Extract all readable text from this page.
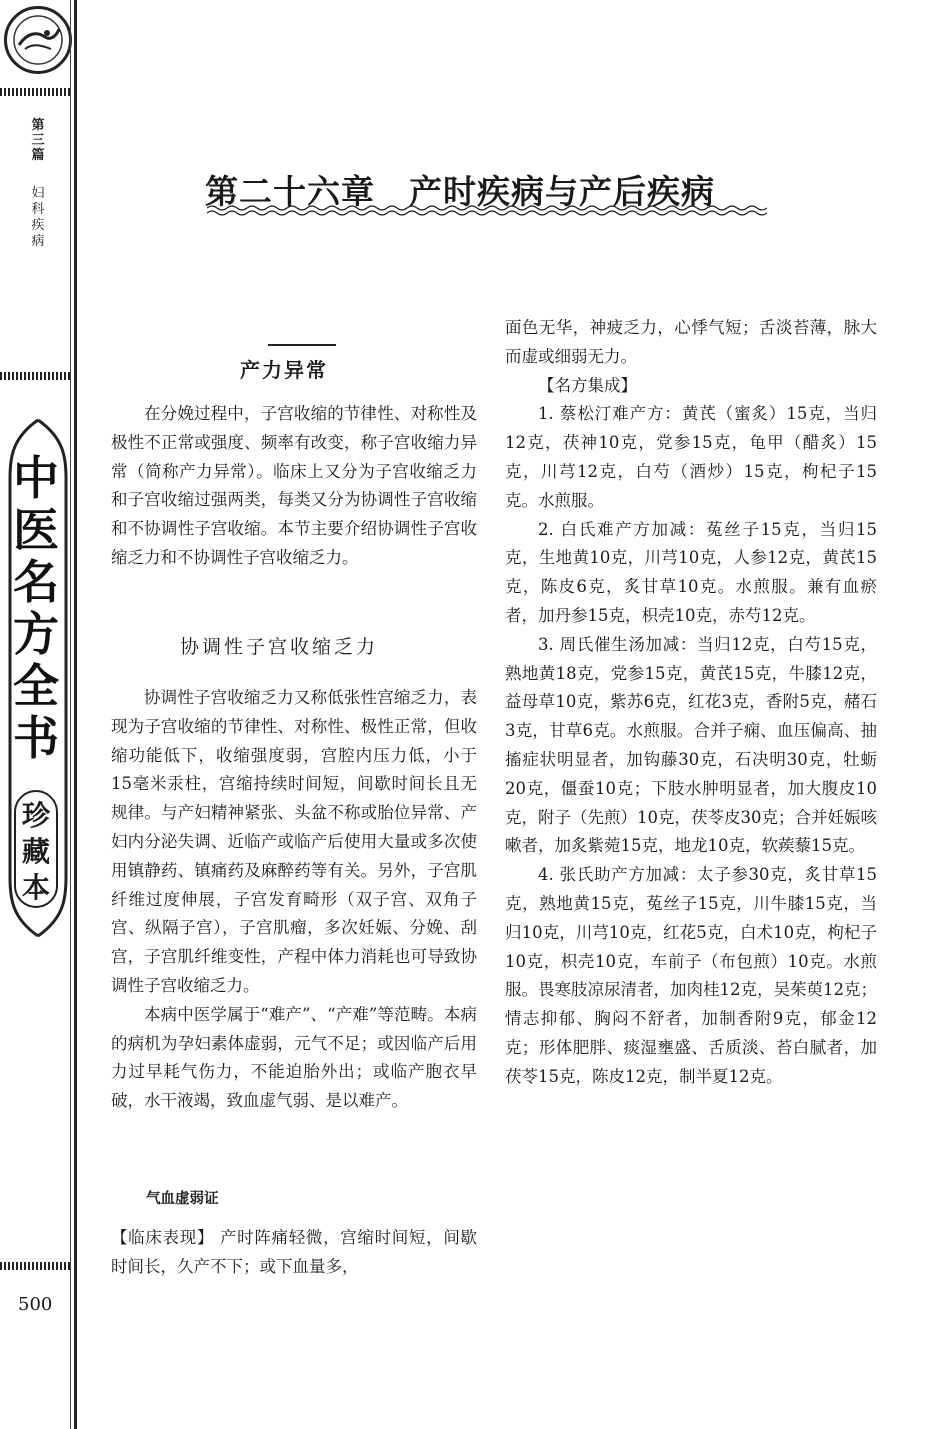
第三篇
妇科疾病
中医名方全书
珍藏本
500
第二十六章　产时疾病与产后疾病
产力异常

在分娩过程中，子宫收缩的节律性、对称性及极性不正常或强度、频率有改变，称子宫收缩力异常（简称产力异常）。临床上又分为子宫收缩乏力和子宫收缩过强两类，每类又分为协调性子宫收缩和不协调性子宫收缩。本节主要介绍协调性子宫收缩乏力和不协调性子宫收缩乏力。

协调性子宫收缩乏力

协调性子宫收缩乏力又称低张性宫缩乏力，表现为子宫收缩的节律性、对称性、极性正常，但收缩功能低下，收缩强度弱，宫腔内压力低，小于15毫米汞柱，宫缩持续时间短，间歇时间长且无规律。与产妇精神紧张、头盆不称或胎位异常、产妇内分泌失调、近临产或临产后使用大量或多次使用镇静药、镇痛药及麻醉药等有关。另外，子宫肌纤维过度伸展，子宫发育畸形（双子宫、双角子宫、纵隔子宫），子宫肌瘤，多次妊娠、分娩、刮宫，子宫肌纤维变性，产程中体力消耗也可导致协调性子宫收缩乏力。

本病中医学属于“难产”、“产难”等范畴。本病的病机为孕妇素体虚弱，元气不足；或因临产后用力过早耗气伤力，不能迫胎外出；或临产胞衣早破，水干液竭，致血虚气弱、是以难产。

气血虚弱证

【临床表现】 产时阵痛轻微，宫缩时间短，间歇时间长，久产不下；或下血量多，

面色无华，神疲乏力，心悸气短；舌淡苔薄，脉大而虚或细弱无力。

【名方集成】

1. 蔡松汀难产方：黄芪（蜜炙）15克，当归12克，茯神10克，党参15克，龟甲（醋炙）15克，川芎12克，白芍（酒炒）15克，枸杞子15克。水煎服。

2. 白氏难产方加减：菟丝子15克，当归15克，生地黄10克，川芎10克，人参12克，黄芪15克，陈皮6克，炙甘草10克。水煎服。兼有血瘀者，加丹参15克，枳壳10克，赤芍12克。

3. 周氏催生汤加减：当归12克，白芍15克，熟地黄18克，党参15克，黄芪15克，牛膝12克，益母草10克，紫苏6克，红花3克，香附5克，赭石3克，甘草6克。水煎服。合并子痫、血压偏高、抽搐症状明显者，加钩藤30克，石决明30克，牡蛎20克，僵蚕10克；下肢水肿明显者，加大腹皮10克，附子（先煎）10克，茯苓皮30克；合并妊娠咳嗽者，加炙紫菀15克，地龙10克，软蒺藜15克。

4. 张氏助产方加减：太子参30克，炙甘草15克，熟地黄15克，菟丝子15克，川牛膝15克，当归10克，川芎10克，红花5克，白术10克，枸杞子10克，枳壳10克，车前子（布包煎）10克。水煎服。畏寒肢凉尿清者，加肉桂12克，吴茱萸12克；情志抑郁、胸闷不舒者，加制香附9克，郁金12克；形体肥胖、痰湿壅盛、舌质淡、苔白腻者，加茯苓15克，陈皮12克，制半夏12克。
